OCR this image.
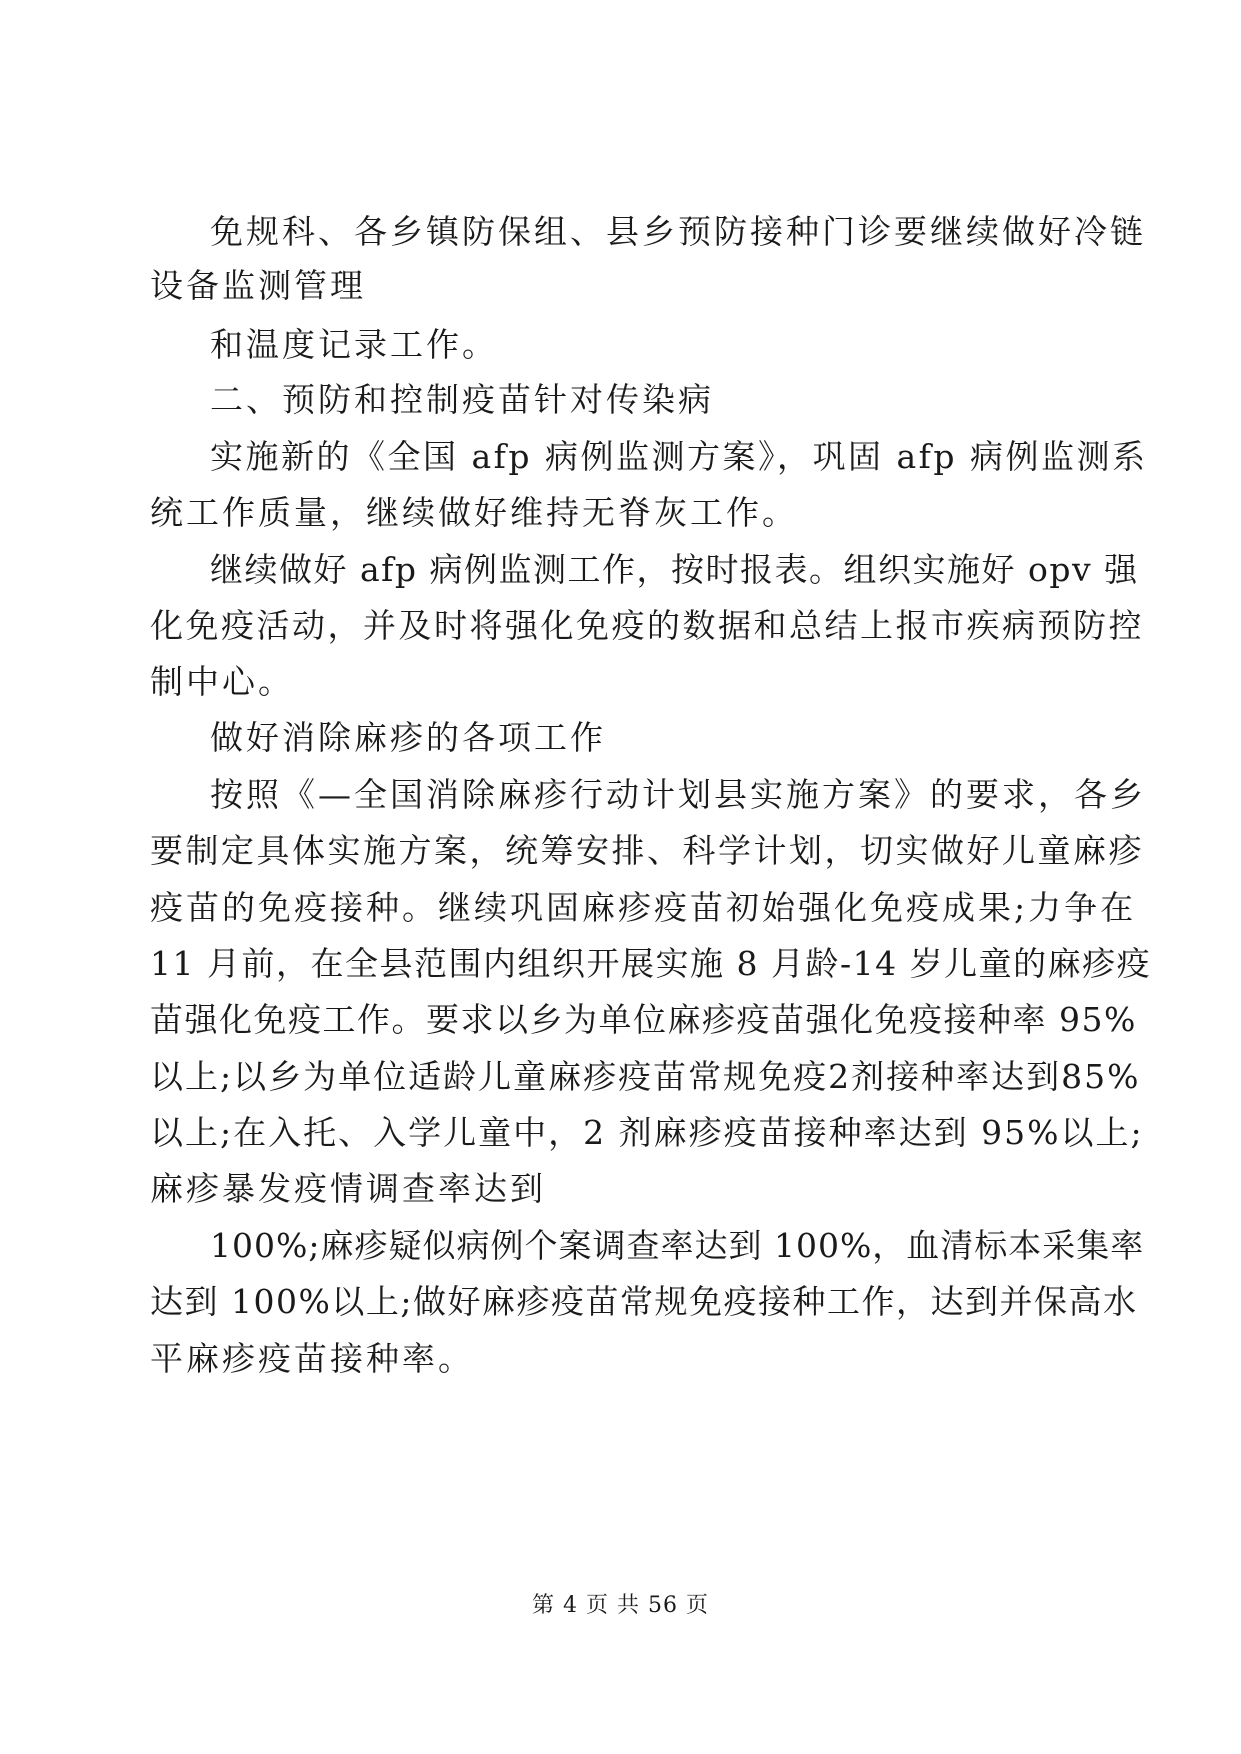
免规科、各乡镇防保组、县乡预防接种门诊要继续做好冷链
设备监测管理
和温度记录工作。
二、预防和控制疫苗针对传染病
实施新的《全国 afp 病例监测方案》，巩固 afp 病例监测系
统工作质量，继续做好维持无脊灰工作。
继续做好 afp 病例监测工作，按时报表。组织实施好 opv 强
化免疫活动，并及时将强化免疫的数据和总结上报市疾病预防控
制中心。
做好消除麻疹的各项工作
按照《—全国消除麻疹行动计划县实施方案》的要求，各乡
要制定具体实施方案，统筹安排、科学计划，切实做好儿童麻疹
疫苗的免疫接种。继续巩固麻疹疫苗初始强化免疫成果;力争在
11 月前，在全县范围内组织开展实施 8 月龄-14 岁儿童的麻疹疫
苗强化免疫工作。要求以乡为单位麻疹疫苗强化免疫接种率 95%
以上;以乡为单位适龄儿童麻疹疫苗常规免疫2剂接种率达到85%
以上;在入托、入学儿童中，2 剂麻疹疫苗接种率达到 95%以上;
麻疹暴发疫情调查率达到
100%;麻疹疑似病例个案调查率达到 100%，血清标本采集率
达到 100%以上;做好麻疹疫苗常规免疫接种工作，达到并保高水
平麻疹疫苗接种率。
第 4 页 共 56 页
